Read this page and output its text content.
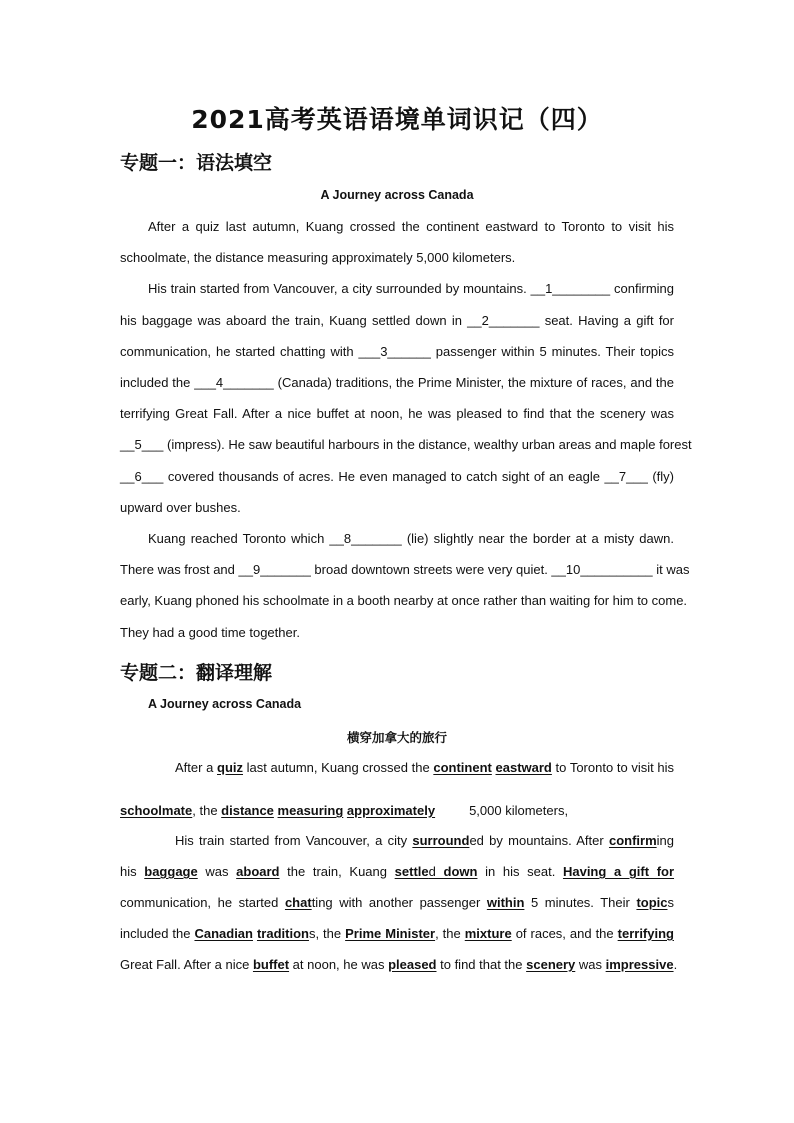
2021高考英语语境单词识记（四）
专题一：语法填空
A Journey across Canada
After a quiz last autumn, Kuang crossed the continent eastward to Toronto to visit his
schoolmate, the distance measuring approximately 5,000 kilometers.
His train started from Vancouver, a city surrounded by mountains. __1________ confirming
his baggage was aboard the train, Kuang settled down in __2_______ seat. Having a gift for
communication, he started chatting with ___3______ passenger within 5 minutes. Their topics
included the ___4_______ (Canada) traditions, the Prime Minister, the mixture of races, and the
terrifying Great Fall. After a nice buffet at noon, he was pleased to find that the scenery was
__5___ (impress). He saw beautiful harbours in the distance, wealthy urban areas and maple forest
__6___ covered thousands of acres. He even managed to catch sight of an eagle __7___ (fly)
upward over bushes.
Kuang reached Toronto which __8_______ (lie) slightly near the border at a misty dawn.
There was frost and __9_______ broad downtown streets were very quiet. __10__________ it was
early, Kuang phoned his schoolmate in a booth nearby at once rather than waiting for him to come.
They had a good time together.
专题二：翻译理解
A Journey across Canada
横穿加拿大的旅行
After a quiz last autumn, Kuang crossed the continent eastward to Toronto to visit his
schoolmate, the distance measuring approximately	5,000 kilometers,
His train started from Vancouver, a city surrounded by mountains. After confirming
his baggage was aboard the train, Kuang settled down in his seat. Having a gift for
communication, he started chatting with another passenger within 5 minutes. Their topics
included the Canadian traditions, the Prime Minister, the mixture of races, and the terrifying
Great Fall. After a nice buffet at noon, he was pleased to find that the scenery was impressive.
